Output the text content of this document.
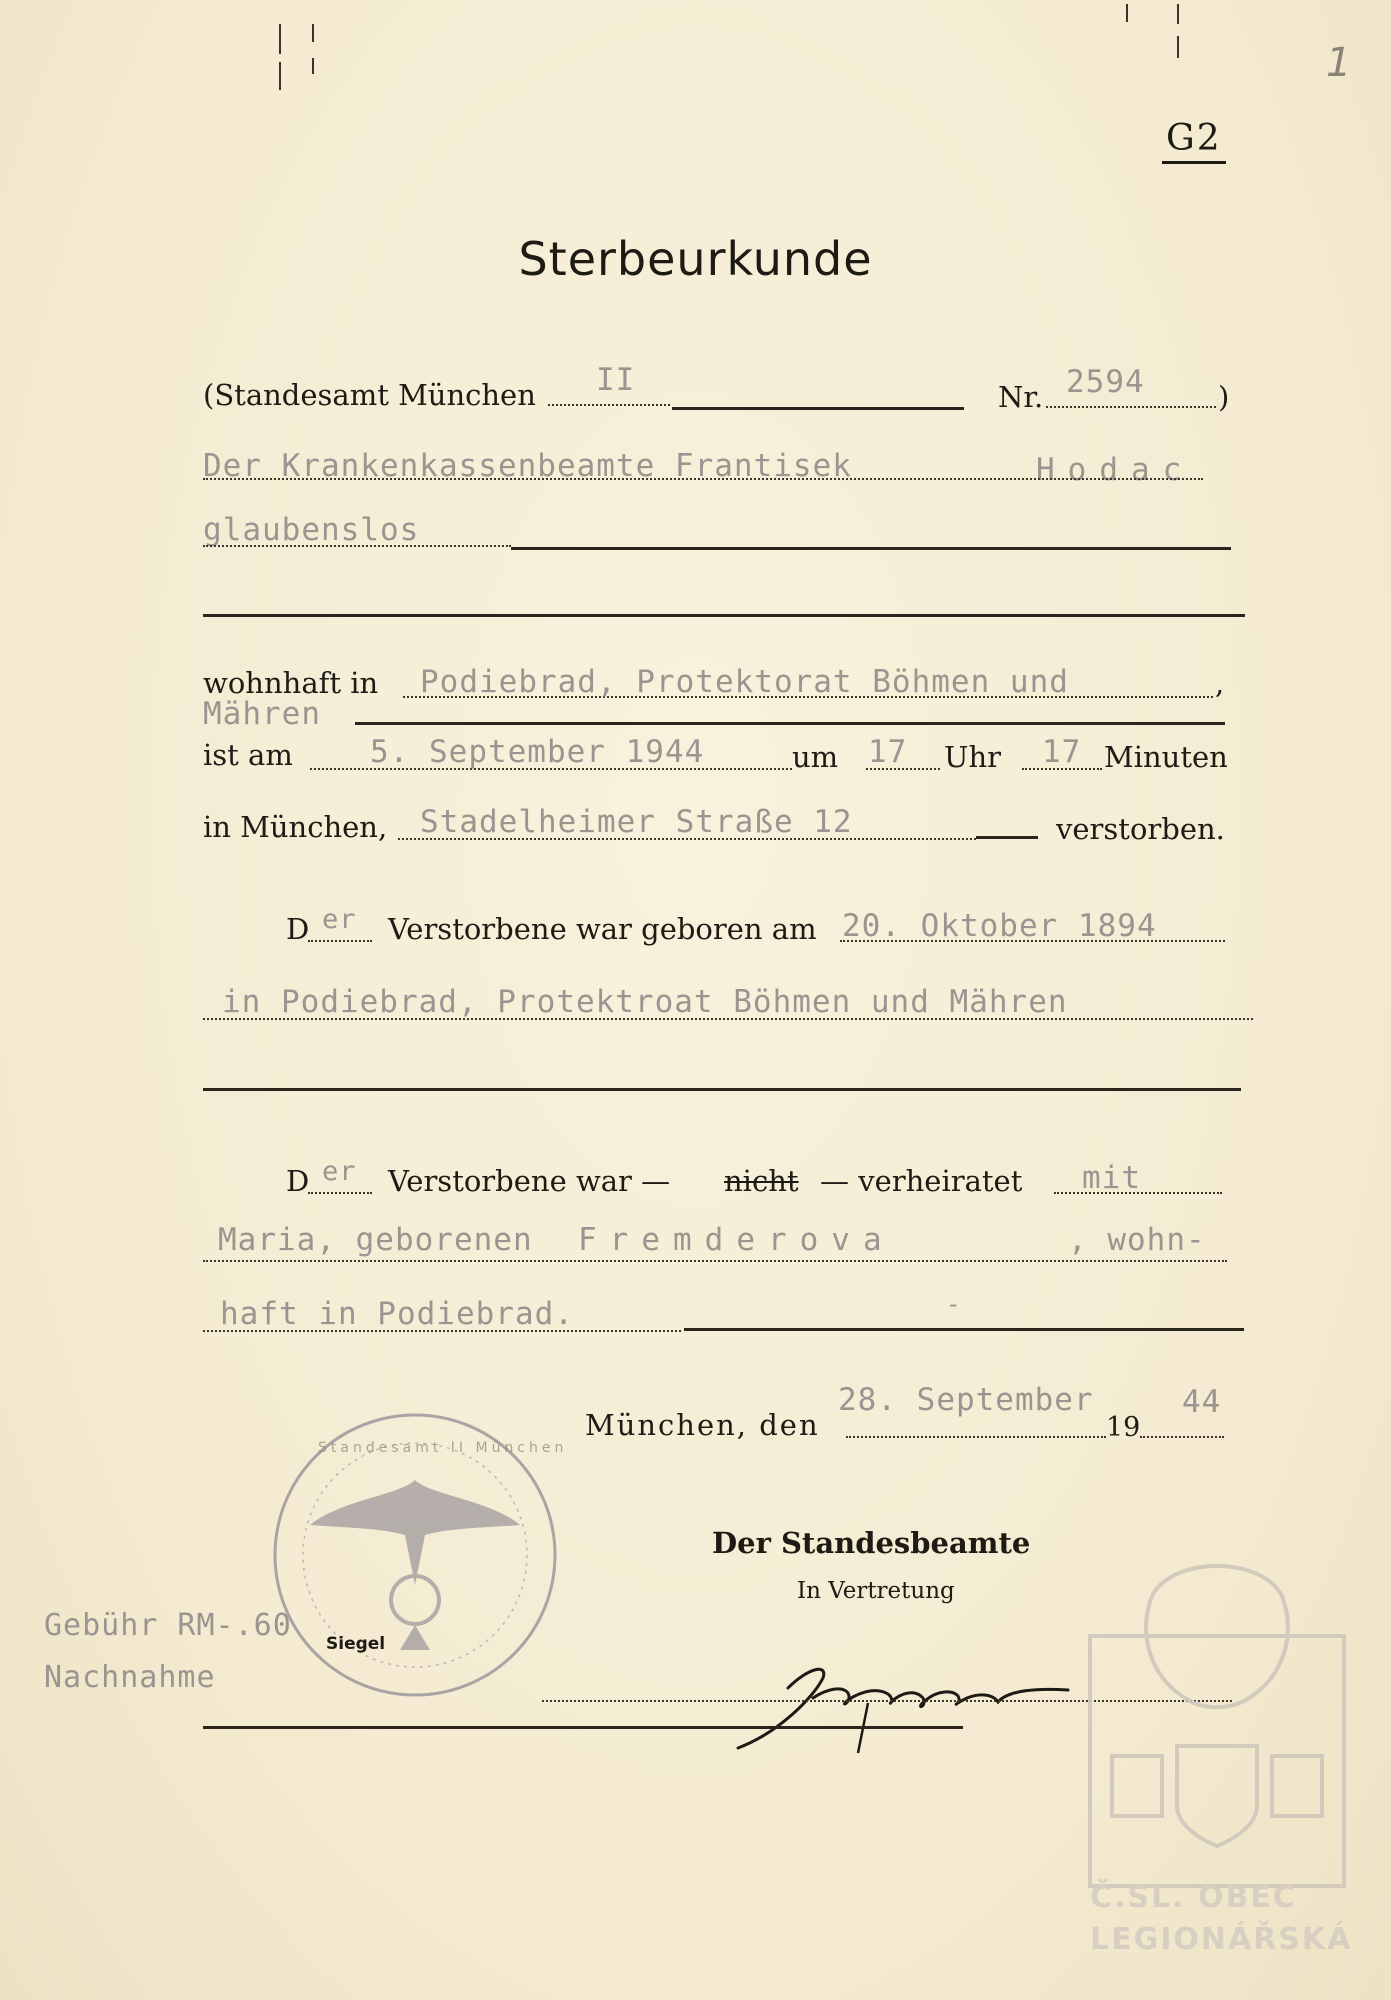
1
G2
Sterbeurkunde
(Standesamt München II	Nr. 2594	)
Der Krankenkassenbeamte Frantisek	Hodac
glaubenslos
wohnhaft in Podiebrad, Protektorat Böhmen und	,
Mähren
ist am 5. September 1944	um 17 Uhr 17 Minuten
in München, Stadelheimer Straße 12	verstorben.
D er Verstorbene war geboren am 20. Oktober 1894
in Podiebrad, Protektroat Böhmen und Mähren
D er Verstorbene war — nicht — verheiratet mit
Maria, geborenen Fremderova	, wohn-
haft in Podiebrad.	-
München, den
28. September
19
44
Standesamt II München
Siegel
Gebühr RM-.60
Nachnahme
Der Standesbeamte
In Vertretung
Č.SL. OBEC
LEGIONÁŘSKÁ
